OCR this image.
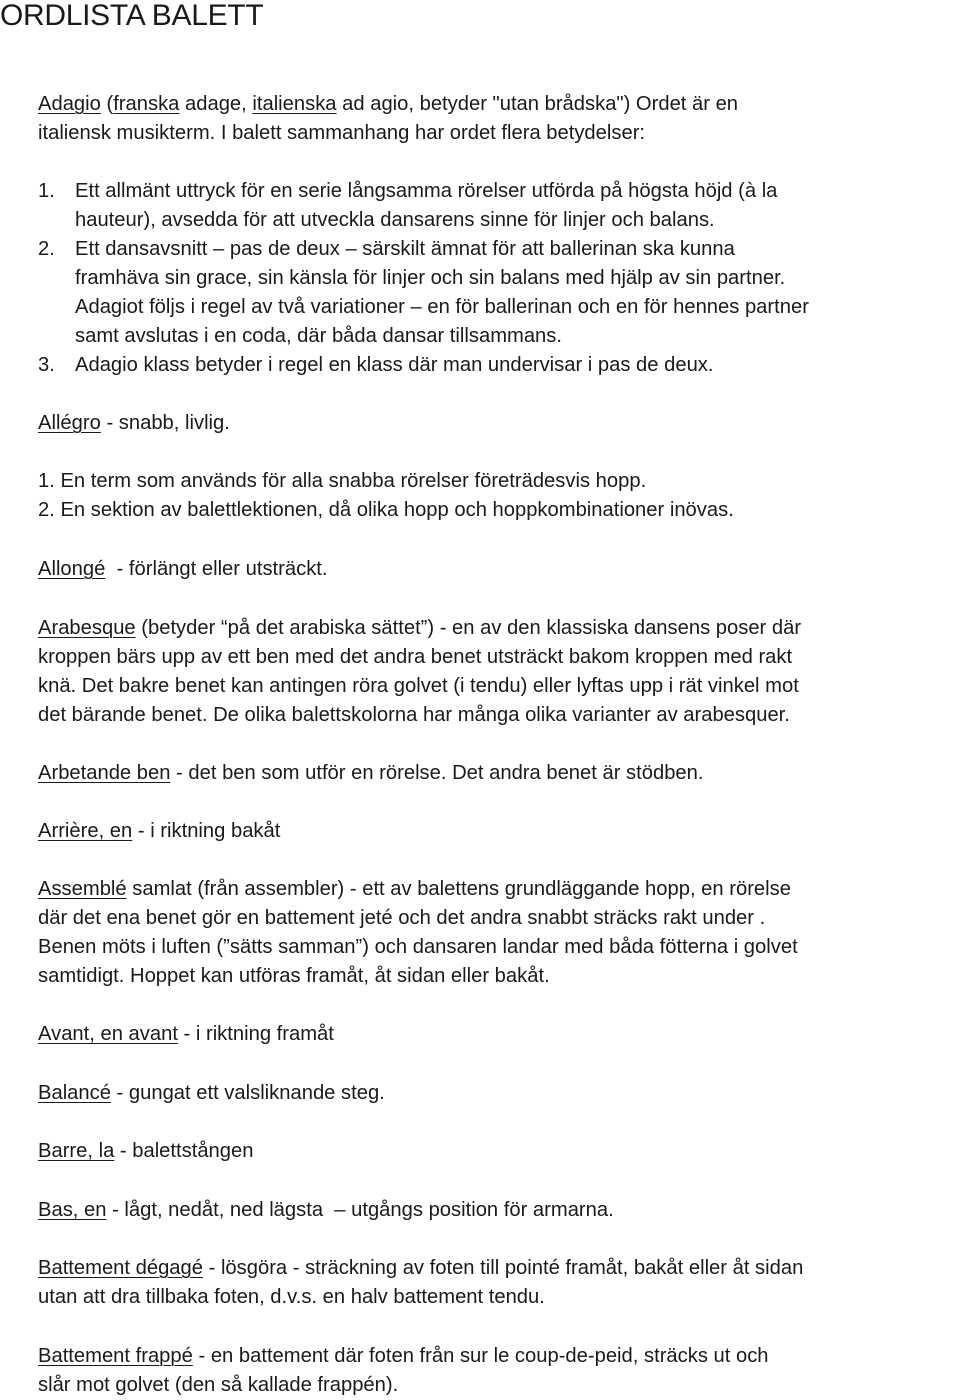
ORDLISTA BALETT
Adagio (franska adage, italienska ad agio, betyder "utan brådska") Ordet är en
italiensk musikterm. I balett sammanhang har ordet flera betydelser:
1. Ett allmänt uttryck för en serie långsamma rörelser utförda på högsta höjd (à la
hauteur), avsedda för att utveckla dansarens sinne för linjer och balans.
2. Ett dansavsnitt – pas de deux – särskilt ämnat för att ballerinan ska kunna
framhäva sin grace, sin känsla för linjer och sin balans med hjälp av sin partner.
Adagiot följs i regel av två variationer – en för ballerinan och en för hennes partner
samt avslutas i en coda, där båda dansar tillsammans.
3. Adagio klass betyder i regel en klass där man undervisar i pas de deux.
Allégro - snabb, livlig.
1. En term som används för alla snabba rörelser företrädesvis hopp.
2. En sektion av balettlektionen, då olika hopp och hoppkombinationer inövas.
Allongé  - förlängt eller utsträckt.
Arabesque (betyder “på det arabiska sättet”) - en av den klassiska dansens poser där
kroppen bärs upp av ett ben med det andra benet utsträckt bakom kroppen med rakt
knä. Det bakre benet kan antingen röra golvet (i tendu) eller lyftas upp i rät vinkel mot
det bärande benet. De olika balettskolorna har många olika varianter av arabesquer.
Arbetande ben - det ben som utför en rörelse. Det andra benet är stödben.
Arrière, en - i riktning bakåt
Assemblé samlat (från assembler) - ett av balettens grundläggande hopp, en rörelse
där det ena benet gör en battement jeté och det andra snabbt sträcks rakt under .
Benen möts i luften (”sätts samman”) och dansaren landar med båda fötterna i golvet
samtidigt. Hoppet kan utföras framåt, åt sidan eller bakåt.
Avant, en avant - i riktning framåt
Balancé - gungat ett valsliknande steg.
Barre, la - balettstången
Bas, en - lågt, nedåt, ned lägsta  – utgångs position för armarna.
Battement dégagé - lösgöra - sträckning av foten till pointé framåt, bakåt eller åt sidan
utan att dra tillbaka foten, d.v.s. en halv battement tendu.
Battement frappé - en battement där foten från sur le coup-de-peid, sträcks ut och
slår mot golvet (den så kallade frappén).
